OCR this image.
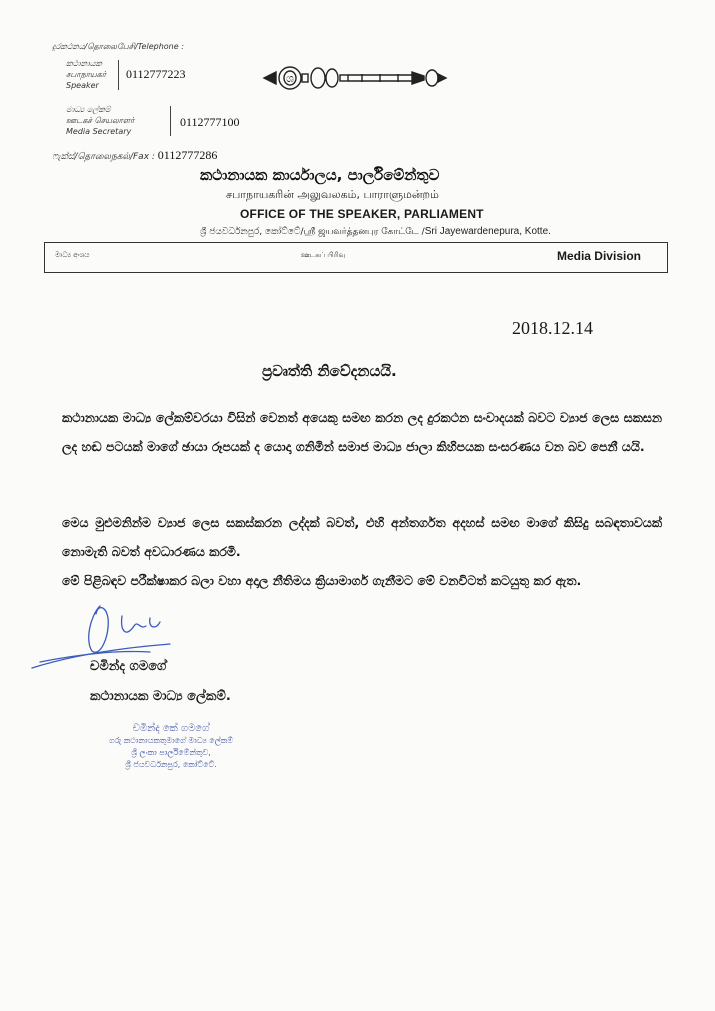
දුරකථනය/தொலைபேசி/Telephone :
කථානායක
சபாநாயகர்
Speaker
0112777223
මාධ්‍ය ලේකම්
ஊடகச் செயலாளர்
Media Secretary
0112777100
ෆැක්ස්/தொலைநகல்/Fax : 0112777286
ශ
කථානායක කාර්යාලය, පාර්ලිමේන්තුව
சபாநாயகரின் அலுவலகம், பாராளுமன்றம்
OFFICE OF THE SPEAKER, PARLIAMENT
ශ්‍රී ජයවර්ධනපුර, කෝට්ටේ/ஸ்ரீ ஜயவர்த்தனபுர கோட்டே /Sri Jayewardenepura, Kotte.
මාධ්‍ය අංශය	ஊடகப் பிரிவு	Media Division
2018.12.14
ප්‍රවෘත්ති නිවේදනයයි.
කථානායක මාධ්‍ය ලේකම්වරයා විසින් වෙනත් අයෙකු සමඟ කරන ලද දුරකථන සංවාදයක් බවට ව්‍යාජ ලෙස සකසන ලද හඬ පටයක් මාගේ ඡායා රූපයක් ද යොදා ගනිමින් සමාජ මාධ්‍ය ජාලා කිහිපයක සංසරණය වන බව පෙනී යයි.
මෙය මුළුමනින්ම ව්‍යාජ ලෙස සකස්කරන ලද්දක් බවත්, එහි අන්තර්ගත අදහස් සමඟ මාගේ කිසිදු සබඳතාවයක් නොමැති බවත් අවධාරණය කරමි.
මේ පිළිබඳව පරීක්ෂාකර බලා වහා අදාල නීතිමය ක්‍රියාමාර්ග ගැනීමට මේ වනවිටත් කටයුතු කර ඇත.
චමින්ද ගමගේ
කථානායක මාධ්‍ය ලේකම්.
චමින්ද කේ ගමගේ
ගරු කථානායකතුමාගේ මාධ්‍ය ලේකම්
ශ්‍රී ලංකා පාර්ලිමේන්තුව,
ශ්‍රී ජයවර්ධනපුර, කෝට්ටේ.
